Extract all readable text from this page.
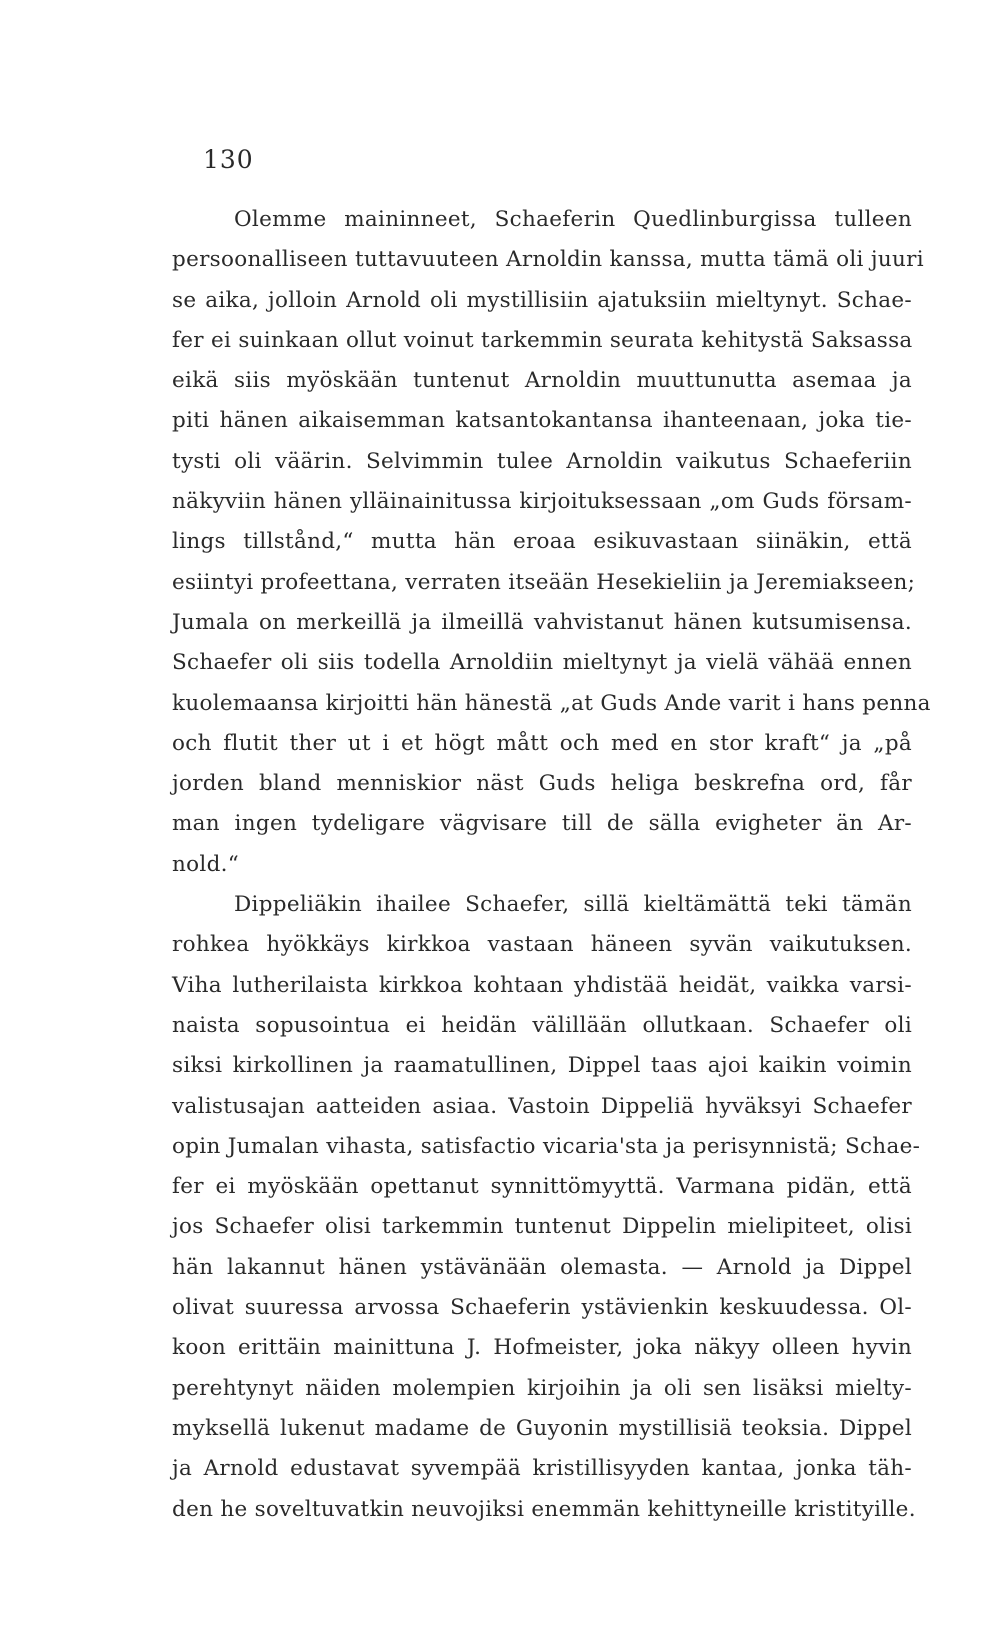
130
Olemme maininneet, Schaeferin Quedlinburgissa tulleen
persoonalliseen tuttavuuteen Arnoldin kanssa, mutta tämä oli juuri
se aika, jolloin Arnold oli mystillisiin ajatuksiin mieltynyt. Schae-
fer ei suinkaan ollut voinut tarkemmin seurata kehitystä Saksassa
eikä siis myöskään tuntenut Arnoldin muuttunutta asemaa ja
piti hänen aikaisemman katsantokantansa ihanteenaan, joka tie-
tysti oli väärin. Selvimmin tulee Arnoldin vaikutus Schaeferiin
näkyviin hänen ylläinainitussa kirjoituksessaan „om Guds försam-
lings tillstånd,“ mutta hän eroaa esikuvastaan siinäkin, että
esiintyi profeettana, verraten itseään Hesekieliin ja Jeremiakseen;
Jumala on merkeillä ja ilmeillä vahvistanut hänen kutsumisensa.
Schaefer oli siis todella Arnoldiin mieltynyt ja vielä vähää ennen
kuolemaansa kirjoitti hän hänestä „at Guds Ande varit i hans penna
och flutit ther ut i et högt mått och med en stor kraft“ ja „på
jorden bland menniskior näst Guds heliga beskrefna ord, får
man ingen tydeligare vägvisare till de sälla evigheter än Ar-
nold.“
Dippeliäkin ihailee Schaefer, sillä kieltämättä teki tämän
rohkea hyökkäys kirkkoa vastaan häneen syvän vaikutuksen.
Viha lutherilaista kirkkoa kohtaan yhdistää heidät, vaikka varsi-
naista sopusointua ei heidän välillään ollutkaan. Schaefer oli
siksi kirkollinen ja raamatullinen, Dippel taas ajoi kaikin voimin
valistusajan aatteiden asiaa. Vastoin Dippeliä hyväksyi Schaefer
opin Jumalan vihasta, satisfactio vicaria'sta ja perisynnistä; Schae-
fer ei myöskään opettanut synnittömyyttä. Varmana pidän, että
jos Schaefer olisi tarkemmin tuntenut Dippelin mielipiteet, olisi
hän lakannut hänen ystävänään olemasta. — Arnold ja Dippel
olivat suuressa arvossa Schaeferin ystävienkin keskuudessa. Ol-
koon erittäin mainittuna J. Hofmeister, joka näkyy olleen hyvin
perehtynyt näiden molempien kirjoihin ja oli sen lisäksi mielty-
myksellä lukenut madame de Guyonin mystillisiä teoksia. Dippel
ja Arnold edustavat syvempää kristillisyyden kantaa, jonka täh-
den he soveltuvatkin neuvojiksi enemmän kehittyneille kristityille.
